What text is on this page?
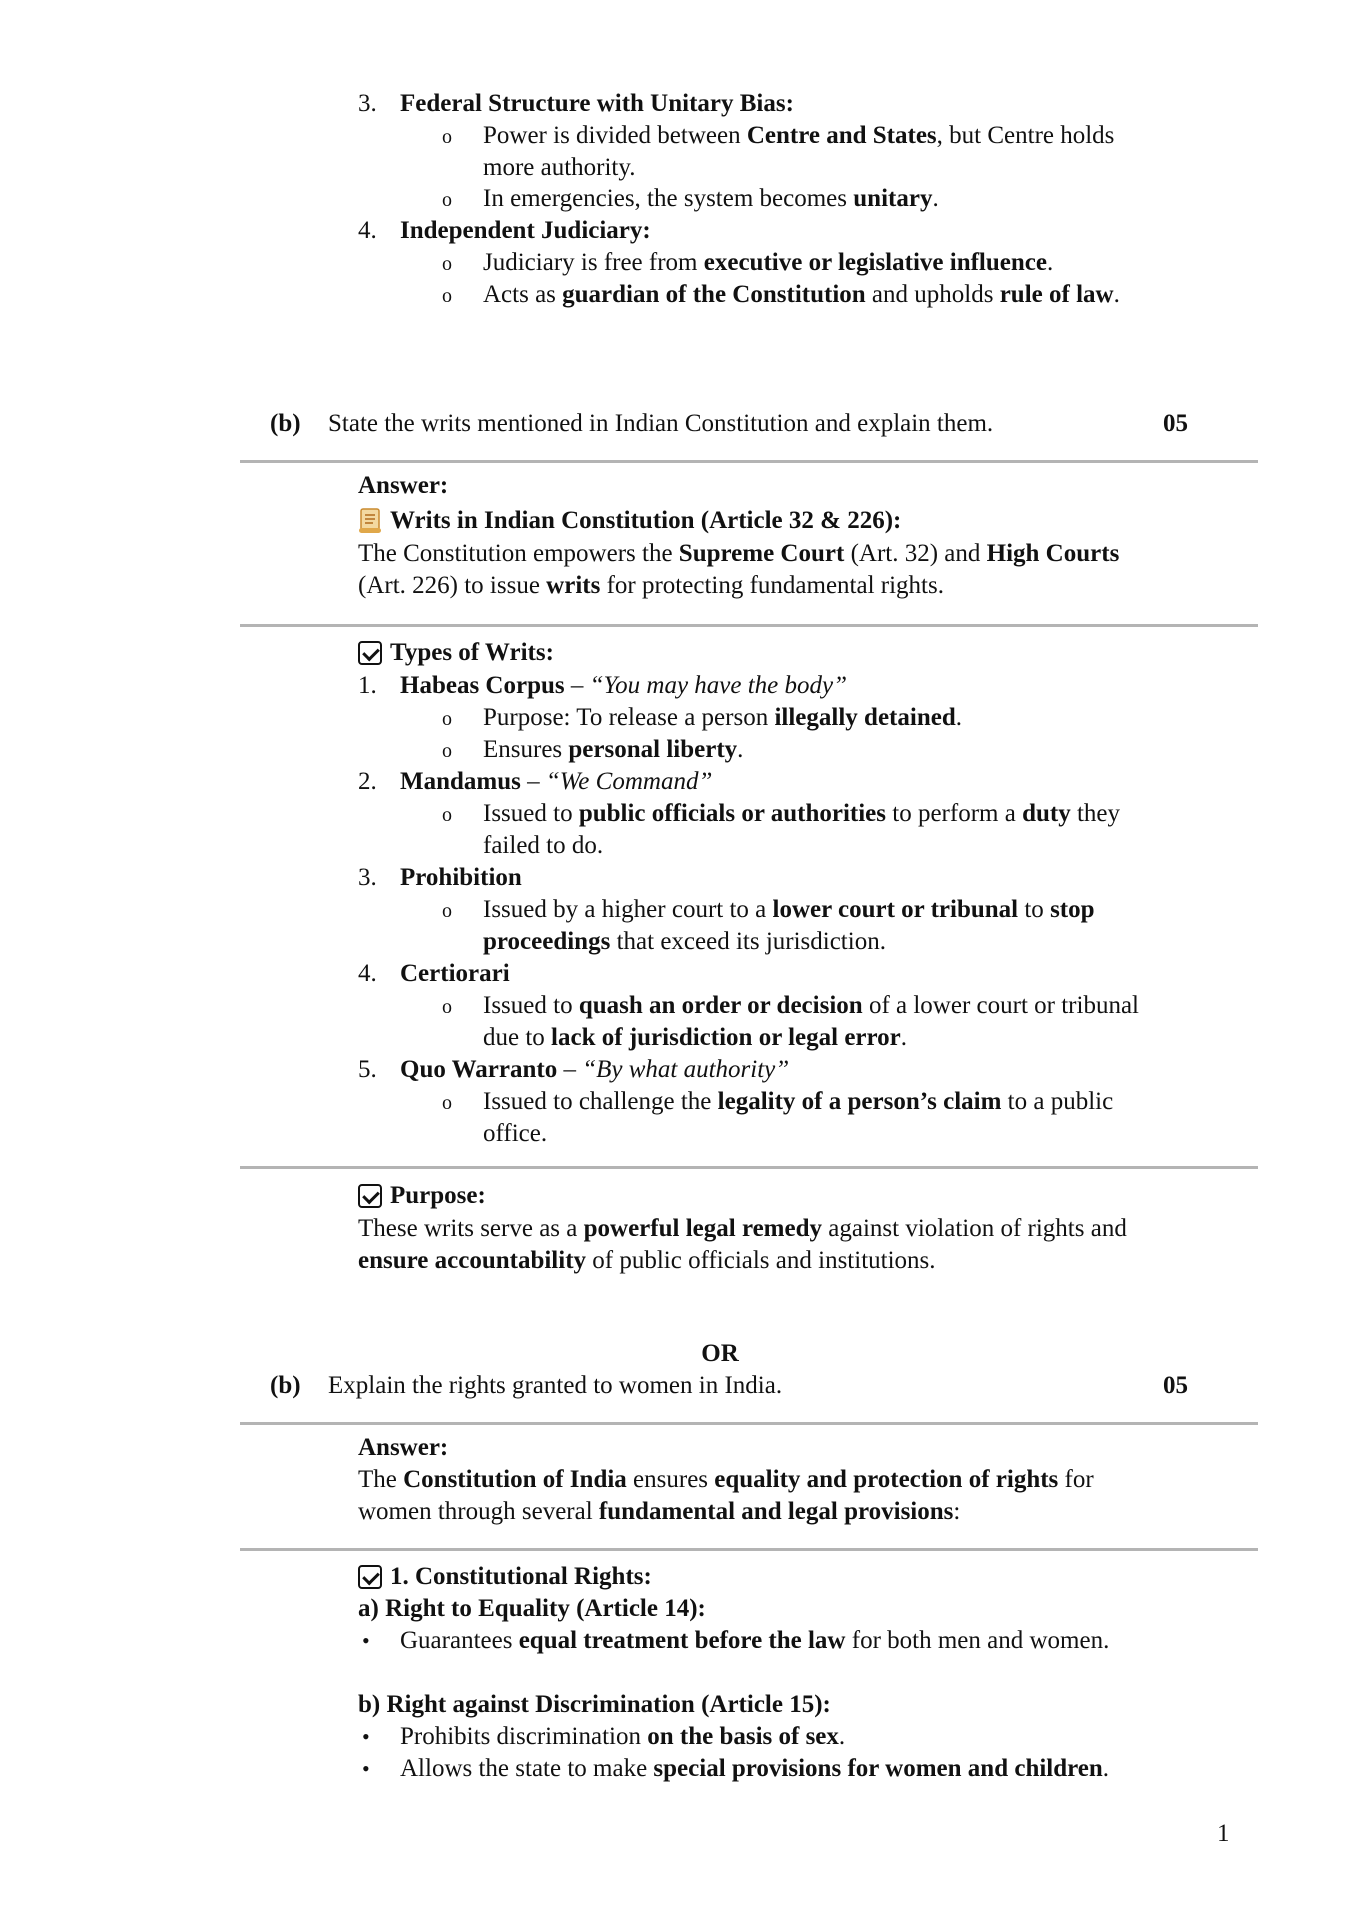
3. Federal Structure with Unitary Bias:
o Power is divided between Centre and States, but Centre holds more authority.
o In emergencies, the system becomes unitary.
4. Independent Judiciary:
o Judiciary is free from executive or legislative influence.
o Acts as guardian of the Constitution and upholds rule of law.
(b) State the writs mentioned in Indian Constitution and explain them.	05
Answer:
Writs in Indian Constitution (Article 32 & 226):
The Constitution empowers the Supreme Court (Art. 32) and High Courts (Art. 226) to issue writs for protecting fundamental rights.
Types of Writs:
1. Habeas Corpus – “You may have the body”
o Purpose: To release a person illegally detained.
o Ensures personal liberty.
2. Mandamus – “We Command”
o Issued to public officials or authorities to perform a duty they failed to do.
3. Prohibition
o Issued by a higher court to a lower court or tribunal to stop proceedings that exceed its jurisdiction.
4. Certiorari
o Issued to quash an order or decision of a lower court or tribunal due to lack of jurisdiction or legal error.
5. Quo Warranto – “By what authority”
o Issued to challenge the legality of a person’s claim to a public office.
Purpose:
These writs serve as a powerful legal remedy against violation of rights and ensure accountability of public officials and institutions.
OR
(b) Explain the rights granted to women in India.	05
Answer:
The Constitution of India ensures equality and protection of rights for women through several fundamental and legal provisions:
1. Constitutional Rights:
a) Right to Equality (Article 14):
• Guarantees equal treatment before the law for both men and women.
b) Right against Discrimination (Article 15):
• Prohibits discrimination on the basis of sex.
• Allows the state to make special provisions for women and children.
1
